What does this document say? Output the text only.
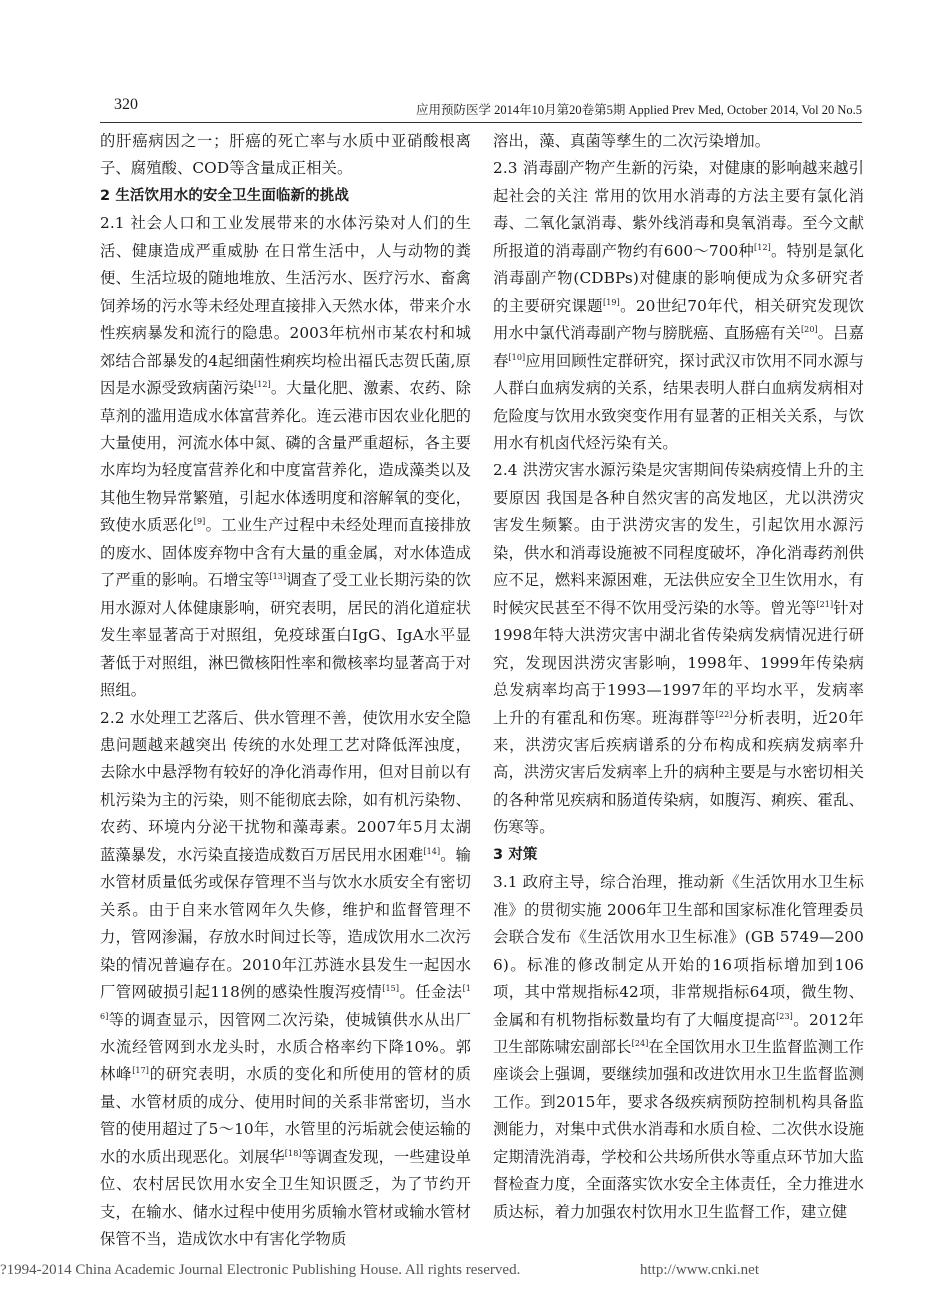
320	应用预防医学 2014年10月第20卷第5期 Applied Prev Med, October 2014, Vol 20 No.5

的肝癌病因之一；肝癌的死亡率与水质中亚硝酸根离子、腐殖酸、COD等含量成正相关。

2 生活饮用水的安全卫生面临新的挑战

2.1 社会人口和工业发展带来的水体污染对人们的生活、健康造成严重威胁 在日常生活中，人与动物的粪便、生活垃圾的随地堆放、生活污水、医疗污水、畜禽饲养场的污水等未经处理直接排入天然水体，带来介水性疾病暴发和流行的隐患。2003年杭州市某农村和城郊结合部暴发的4起细菌性痢疾均检出福氏志贺氏菌,原因是水源受致病菌污染[12]。大量化肥、激素、农药、除草剂的滥用造成水体富营养化。连云港市因农业化肥的大量使用，河流水体中氮、磷的含量严重超标，各主要水库均为轻度富营养化和中度富营养化，造成藻类以及其他生物异常繁殖，引起水体透明度和溶解氧的变化，致使水质恶化[9]。工业生产过程中未经处理而直接排放的废水、固体废弃物中含有大量的重金属，对水体造成了严重的影响。石增宝等[13]调查了受工业长期污染的饮用水源对人体健康影响，研究表明，居民的消化道症状发生率显著高于对照组，免疫球蛋白IgG、IgA水平显著低于对照组，淋巴微核阳性率和微核率均显著高于对照组。

2.2 水处理工艺落后、供水管理不善，使饮用水安全隐患问题越来越突出 传统的水处理工艺对降低浑浊度，去除水中悬浮物有较好的净化消毒作用，但对目前以有机污染为主的污染，则不能彻底去除，如有机污染物、农药、环境内分泌干扰物和藻毒素。2007年5月太湖蓝藻暴发，水污染直接造成数百万居民用水困难[14]。输水管材质量低劣或保存管理不当与饮水水质安全有密切关系。由于自来水管网年久失修，维护和监督管理不力，管网渗漏，存放水时间过长等，造成饮用水二次污染的情况普遍存在。2010年江苏涟水县发生一起因水厂管网破损引起118例的感染性腹泻疫情[15]。任金法[16]等的调查显示，因管网二次污染，使城镇供水从出厂水流经管网到水龙头时，水质合格率约下降10%。郭林峰[17]的研究表明，水质的变化和所使用的管材的质量、水管材质的成分、使用时间的关系非常密切，当水管的使用超过了5～10年，水管里的污垢就会使运输的水的水质出现恶化。刘展华[18]等调查发现，一些建设单位、农村居民饮用水安全卫生知识匮乏，为了节约开支，在输水、储水过程中使用劣质输水管材或输水管材保管不当，造成饮水中有害化学物质

溶出，藻、真菌等孳生的二次污染增加。

2.3 消毒副产物产生新的污染，对健康的影响越来越引起社会的关注 常用的饮用水消毒的方法主要有氯化消毒、二氧化氯消毒、紫外线消毒和臭氧消毒。至今文献所报道的消毒副产物约有600～700种[12]。特别是氯化消毒副产物(CDBPs)对健康的影响便成为众多研究者的主要研究课题[19]。20世纪70年代，相关研究发现饮用水中氯代消毒副产物与膀胱癌、直肠癌有关[20]。吕嘉春[10]应用回顾性定群研究，探讨武汉市饮用不同水源与人群白血病发病的关系，结果表明人群白血病发病相对危险度与饮用水致突变作用有显著的正相关关系，与饮用水有机卤代烃污染有关。

2.4 洪涝灾害水源污染是灾害期间传染病疫情上升的主要原因 我国是各种自然灾害的高发地区，尤以洪涝灾害发生频繁。由于洪涝灾害的发生，引起饮用水源污染，供水和消毒设施被不同程度破坏，净化消毒药剂供应不足，燃料来源困难，无法供应安全卫生饮用水，有时候灾民甚至不得不饮用受污染的水等。曾光等[21]针对1998年特大洪涝灾害中湖北省传染病发病情况进行研究，发现因洪涝灾害影响，1998年、1999年传染病总发病率均高于1993—1997年的平均水平，发病率上升的有霍乱和伤寒。班海群等[22]分析表明，近20年来，洪涝灾害后疾病谱系的分布构成和疾病发病率升高，洪涝灾害后发病率上升的病种主要是与水密切相关的各种常见疾病和肠道传染病，如腹泻、痢疾、霍乱、伤寒等。

3 对策

3.1 政府主导，综合治理，推动新《生活饮用水卫生标准》的贯彻实施 2006年卫生部和国家标准化管理委员会联合发布《生活饮用水卫生标准》(GB 5749—2006)。标准的修改制定从开始的16项指标增加到106项，其中常规指标42项，非常规指标64项，微生物、金属和有机物指标数量均有了大幅度提高[23]。2012年卫生部陈啸宏副部长[24]在全国饮用水卫生监督监测工作座谈会上强调，要继续加强和改进饮用水卫生监督监测工作。到2015年，要求各级疾病预防控制机构具备监测能力，对集中式供水消毒和水质自检、二次供水设施定期清洗消毒，学校和公共场所供水等重点环节加大监督检查力度，全面落实饮水安全主体责任，全力推进水质达标，着力加强农村饮用水卫生监督工作，建立健

?1994-2014 China Academic Journal Electronic Publishing House. All rights reserved.	http://www.cnki.net
